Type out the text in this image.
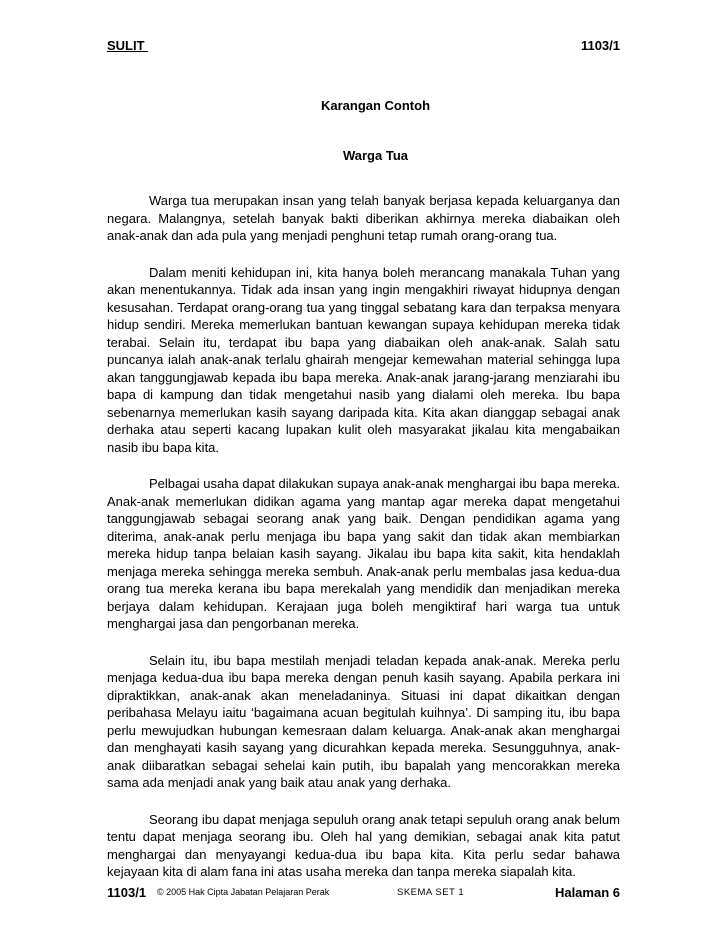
SULIT	1103/1
Karangan Contoh
Warga Tua

Warga tua merupakan insan yang telah banyak berjasa kepada keluarganya dan negara. Malangnya, setelah banyak bakti diberikan akhirnya mereka diabaikan oleh anak-anak dan ada pula yang menjadi penghuni tetap rumah orang-orang tua.

Dalam meniti kehidupan ini, kita hanya boleh merancang manakala Tuhan yang akan menentukannya. Tidak ada insan yang ingin mengakhiri riwayat hidupnya dengan kesusahan. Terdapat orang-orang tua yang tinggal sebatang kara dan terpaksa menyara hidup sendiri. Mereka memerlukan bantuan kewangan supaya kehidupan mereka tidak terabai. Selain itu, terdapat ibu bapa yang diabaikan oleh anak-anak. Salah satu puncanya ialah anak-anak terlalu ghairah mengejar kemewahan material sehingga lupa akan tanggungjawab kepada ibu bapa mereka. Anak-anak jarang-jarang menziarahi ibu bapa di kampung dan tidak mengetahui nasib yang dialami oleh mereka. Ibu bapa sebenarnya memerlukan kasih sayang daripada kita. Kita akan dianggap sebagai anak derhaka atau seperti kacang lupakan kulit oleh masyarakat jikalau kita mengabaikan nasib ibu bapa kita.

Pelbagai usaha dapat dilakukan supaya anak-anak menghargai ibu bapa mereka. Anak-anak memerlukan didikan agama yang mantap agar mereka dapat mengetahui tanggungjawab sebagai seorang anak yang baik. Dengan pendidikan agama yang diterima, anak-anak perlu menjaga ibu bapa yang sakit dan tidak akan membiarkan mereka hidup tanpa belaian kasih sayang. Jikalau ibu bapa kita sakit, kita hendaklah menjaga mereka sehingga mereka sembuh. Anak-anak perlu membalas jasa kedua-dua orang tua mereka kerana ibu bapa merekalah yang mendidik dan menjadikan mereka berjaya dalam kehidupan. Kerajaan juga boleh mengiktiraf hari warga tua untuk menghargai jasa dan pengorbanan mereka.

Selain itu, ibu bapa mestilah menjadi teladan kepada anak-anak. Mereka perlu menjaga kedua-dua ibu bapa mereka dengan penuh kasih sayang. Apabila perkara ini dipraktikkan, anak-anak akan meneladaninya. Situasi ini dapat dikaitkan dengan peribahasa Melayu iaitu ‘bagaimana acuan begitulah kuihnya’. Di samping itu, ibu bapa perlu mewujudkan hubungan kemesraan dalam keluarga. Anak-anak akan menghargai dan menghayati kasih sayang yang dicurahkan kepada mereka. Sesungguhnya, anak-anak diibaratkan sebagai sehelai kain putih, ibu bapalah yang mencorakkan mereka sama ada menjadi anak yang baik atau anak yang derhaka.

Seorang ibu dapat menjaga sepuluh orang anak tetapi sepuluh orang anak belum tentu dapat menjaga seorang ibu. Oleh hal yang demikian, sebagai anak kita patut menghargai dan menyayangi kedua-dua ibu bapa kita. Kita perlu sedar bahawa kejayaan kita di alam fana ini atas usaha mereka dan tanpa mereka siapalah kita.

1103/1 © 2005 Hak Cipta Jabatan Pelajaran Perak	SKEMA SET 1	Halaman 6
